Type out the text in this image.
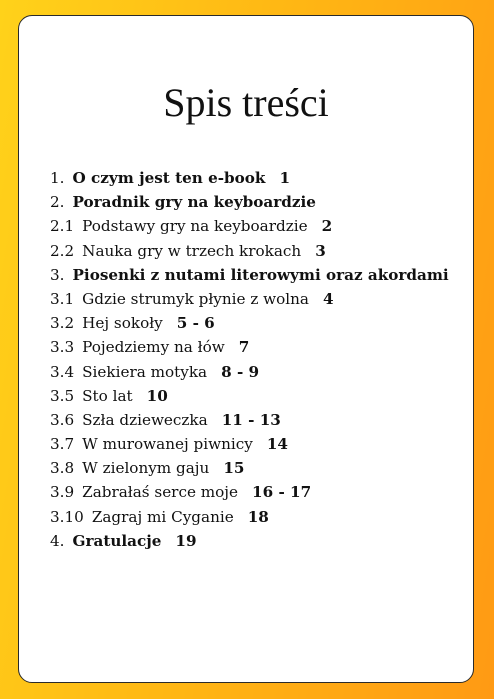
Spis treści
1. O czym jest ten e-book 1
2. Poradnik gry na keyboardzie
2.1 Podstawy gry na keyboardzie 2
2.2 Nauka gry w trzech krokach 3
3. Piosenki z nutami literowymi oraz akordami
3.1 Gdzie strumyk płynie z wolna 4
3.2 Hej sokoły 5 - 6
3.3 Pojedziemy na łów 7
3.4 Siekiera motyka 8 - 9
3.5 Sto lat 10
3.6 Szła dzieweczka 11 - 13
3.7 W murowanej piwnicy 14
3.8 W zielonym gaju 15
3.9 Zabrałaś serce moje 16 - 17
3.10 Zagraj mi Cyganie 18
4. Gratulacje 19
